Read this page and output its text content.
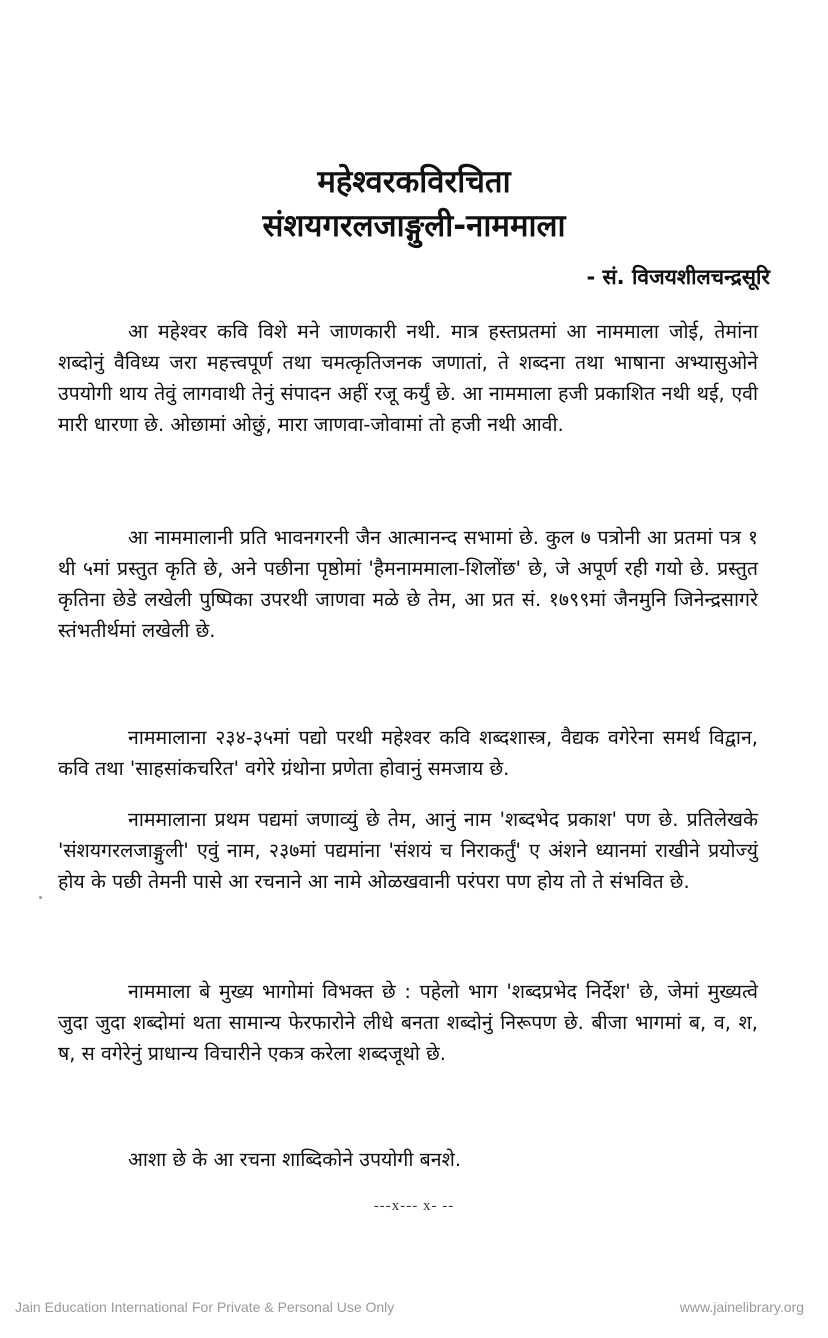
महेश्वरकविरचिता
संशयगरलजाङ्गुली-नाममाला
- सं. विजयशीलचन्द्रसूरि

आ महेश्वर कवि विशे मने जाणकारी नथी. मात्र हस्तप्रतमां आ नाममाला जोई, तेमांना शब्दोनुं वैविध्य जरा महत्त्वपूर्ण तथा चमत्कृतिजनक जणातां, ते शब्दना तथा भाषाना अभ्यासुओने उपयोगी थाय तेवुं लागवाथी तेनुं संपादन अहीं रजू कर्युं छे. आ नाममाला हजी प्रकाशित नथी थई, एवी मारी धारणा छे. ओछामां ओछुं, मारा जाणवा-जोवामां तो हजी नथी आवी.

आ नाममालानी प्रति भावनगरनी जैन आत्मानन्द सभामां छे. कुल ७ पत्रोनी आ प्रतमां पत्र १ थी ५मां प्रस्तुत कृति छे, अने पछीना पृष्ठोमां 'हैमनाममाला-शिलोंछ' छे, जे अपूर्ण रही गयो छे. प्रस्तुत कृतिना छेडे लखेली पुष्पिका उपरथी जाणवा मळे छे तेम, आ प्रत सं. १७९९मां जैनमुनि जिनेन्द्रसागरे स्तंभतीर्थमां लखेली छे.

नाममालाना २३४-३५मां पद्यो परथी महेश्वर कवि शब्दशास्त्र, वैद्यक वगेरेना समर्थ विद्वान, कवि तथा 'साहसांकचरित' वगेरे ग्रंथोना प्रणेता होवानुं समजाय छे.

नाममालाना प्रथम पद्यमां जणाव्युं छे तेम, आनुं नाम 'शब्दभेद प्रकाश' पण छे. प्रतिलेखके 'संशयगरलजाङ्गुली' एवुं नाम, २३७मां पद्यमांना 'संशयं च निराकर्तुं' ए अंशने ध्यानमां राखीने प्रयोज्युं होय के पछी तेमनी पासे आ रचनाने आ नामे ओळखवानी परंपरा पण होय तो ते संभवित छे.

नाममाला बे मुख्य भागोमां विभक्त छे : पहेलो भाग 'शब्दप्रभेद निर्देश' छे, जेमां मुख्यत्वे जुदा जुदा शब्दोमां थता सामान्य फेरफारोने लीधे बनता शब्दोनुं निरूपण छे. बीजा भागमां ब, व, श, ष, स वगेरेनुं प्राधान्य विचारीने एकत्र करेला शब्दजूथो छे.

आशा छे के आ रचना शाब्दिकोने उपयोगी बनशे.

---x--- x- --
Jain Education International For Private & Personal Use Only	www.jainelibrary.org
